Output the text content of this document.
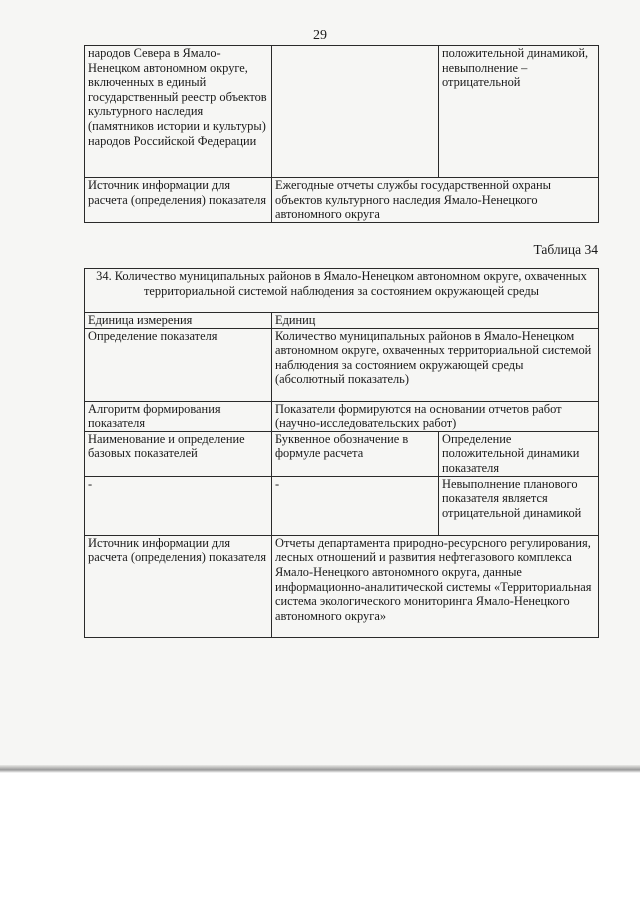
29
народов Севера в Ямало-Ненецком автономном округе, включенных в единый государственный реестр объектов культурного наследия (памятников истории и культуры) народов Российской Федерации		положительной динамикой, невыполнение – отрицательной
Источник информации для расчета (определения) показателя	Ежегодные отчеты службы государственной охраны объектов культурного наследия Ямало-Ненецкого автономного округа	
Таблица 34
34. Количество муниципальных районов в Ямало-Ненецком автономном округе, охваченных территориальной системой наблюдения за состоянием окружающей среды		
Единица измерения	Единиц	
Определение показателя	Количество муниципальных районов в Ямало-Ненецком автономном округе, охваченных территориальной системой наблюдения за состоянием окружающей среды (абсолютный показатель)	
Алгоритм формирования показателя	Показатели формируются на основании отчетов работ (научно-исследовательских работ)	
Наименование и определение базовых показателей	Буквенное обозначение в формуле расчета	Определение положительной динамики показателя
-	-	Невыполнение планового показателя является отрицательной динамикой
Источник информации для расчета (определения) показателя	Отчеты департамента природно-ресурсного регулирования, лесных отношений и развития нефтегазового комплекса Ямало-Ненецкого автономного округа, данные информационно-аналитической системы «Территориальная система экологического мониторинга Ямало-Ненецкого автономного округа»	
